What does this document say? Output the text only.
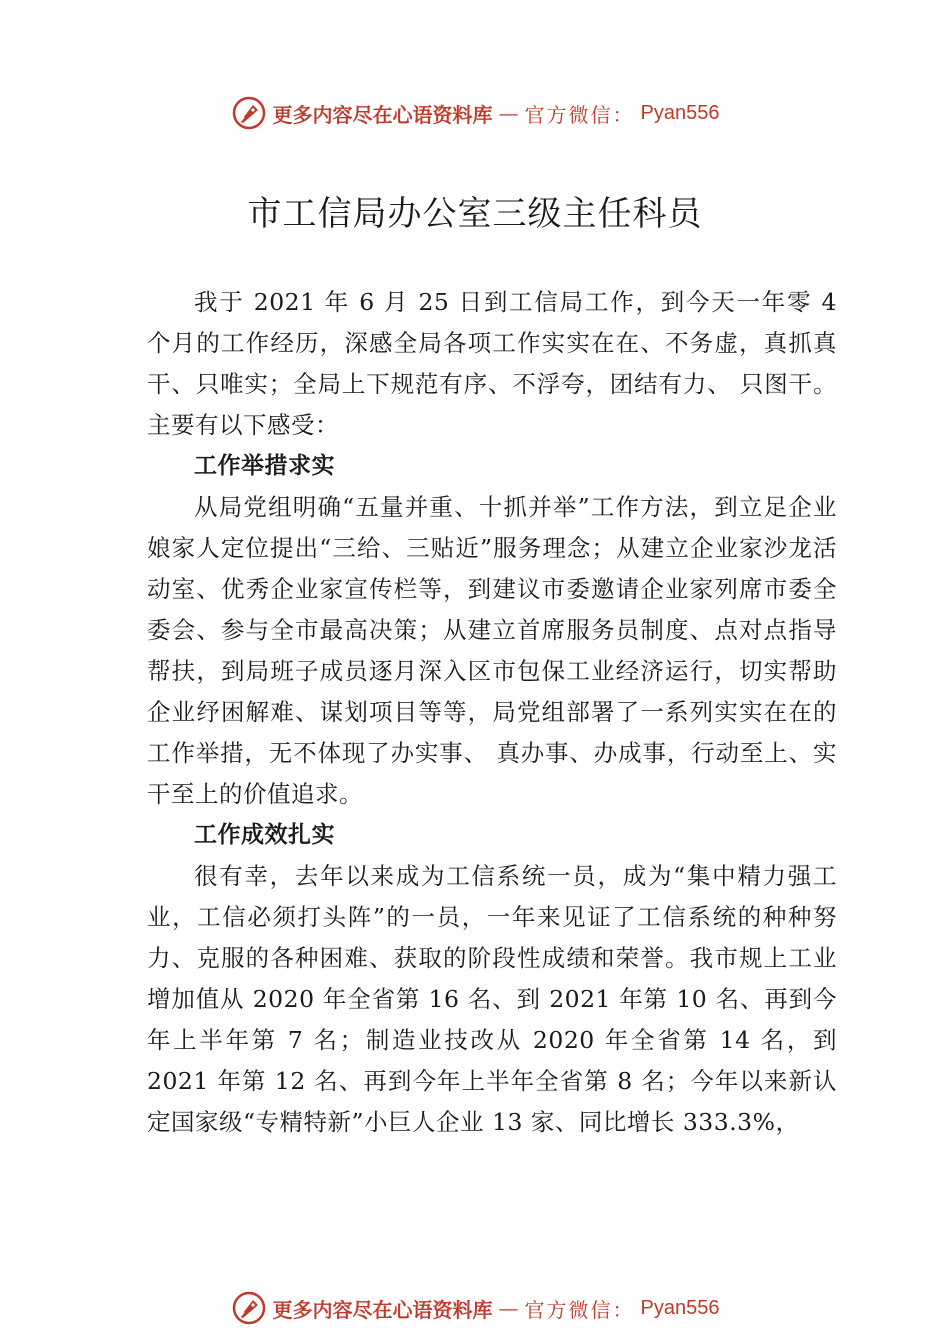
更多内容尽在心语资料库 — 官方微信： Pyan556
市工信局办公室三级主任科员

我于 2021 年 6 月 25 日到工信局工作，到今天一年零 4 个月的工作经历，深感全局各项工作实实在在、不务虚，真抓真干、只唯实；全局上下规范有序、不浮夸，团结有力、 只图干。主要有以下感受：

工作举措求实

从局党组明确“五量并重、十抓并举”工作方法，到立足企业娘家人定位提出“三给、三贴近”服务理念；从建立企业家沙龙活动室、优秀企业家宣传栏等，到建议市委邀请企业家列席市委全委会、参与全市最高决策；从建立首席服务员制度、点对点指导帮扶，到局班子成员逐月深入区市包保工业经济运行，切实帮助企业纾困解难、谋划项目等等，局党组部署了一系列实实在在的工作举措，无不体现了办实事、 真办事、办成事，行动至上、实干至上的价值追求。

工作成效扎实

很有幸，去年以来成为工信系统一员，成为“集中精力强工业，工信必须打头阵”的一员，一年来见证了工信系统的种种努力、克服的各种困难、获取的阶段性成绩和荣誉。我市规上工业增加值从 2020 年全省第 16 名、到 2021 年第 10 名、再到今年上半年第 7 名；制造业技改从 2020 年全省第 14 名，到 2021 年第 12 名、再到今年上半年全省第 8 名；今年以来新认定国家级“专精特新”小巨人企业 13 家、同比增长 333.3%，

更多内容尽在心语资料库 — 官方微信： Pyan556
